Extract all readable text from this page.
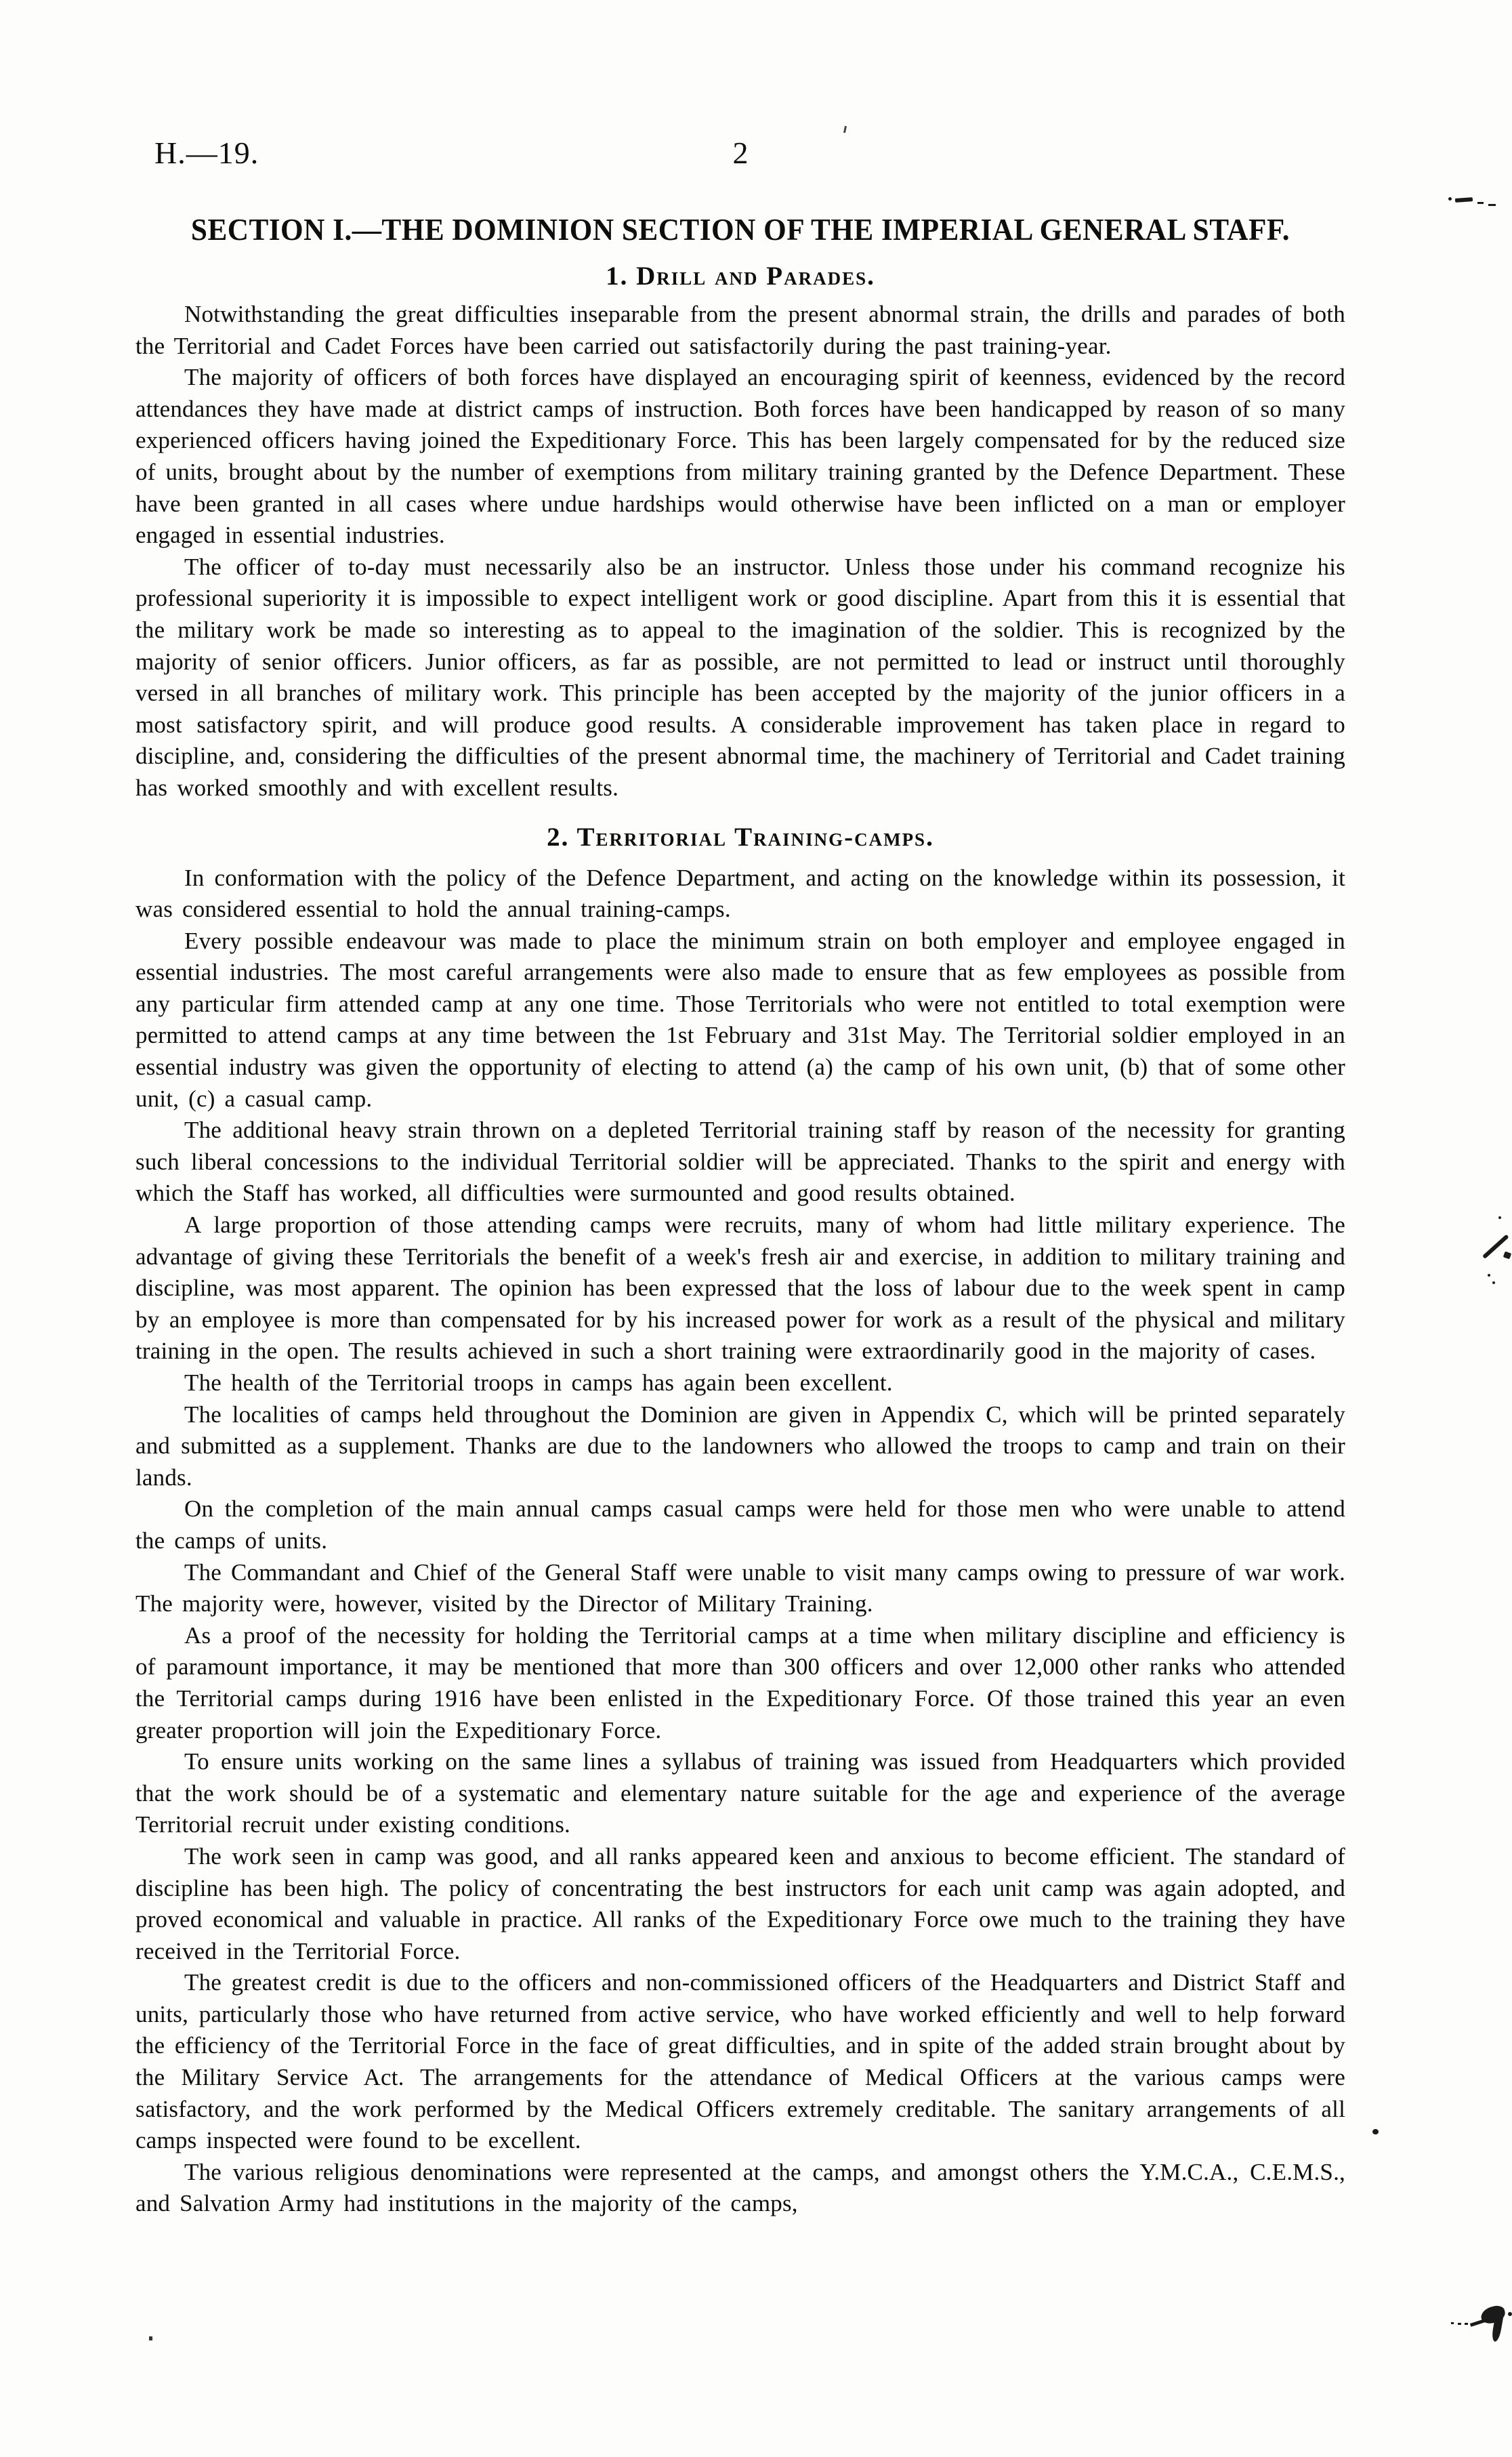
H.—19.	2
SECTION I.—THE DOMINION SECTION OF THE IMPERIAL GENERAL STAFF.
1. Drill and Parades.

Notwithstanding the great difficulties inseparable from the present abnormal strain, the drills and parades of both the Territorial and Cadet Forces have been carried out satisfactorily during the past training-year.

The majority of officers of both forces have displayed an encouraging spirit of keenness, evidenced by the record attendances they have made at district camps of instruction. Both forces have been handicapped by reason of so many experienced officers having joined the Expeditionary Force. This has been largely compensated for by the reduced size of units, brought about by the number of exemptions from military training granted by the Defence Department. These have been granted in all cases where undue hardships would otherwise have been inflicted on a man or employer engaged in essential industries.

The officer of to-day must necessarily also be an instructor. Unless those under his command recognize his professional superiority it is impossible to expect intelligent work or good discipline. Apart from this it is essential that the military work be made so interesting as to appeal to the imagination of the soldier. This is recognized by the majority of senior officers. Junior officers, as far as possible, are not permitted to lead or instruct until thoroughly versed in all branches of military work. This principle has been accepted by the majority of the junior officers in a most satisfactory spirit, and will produce good results. A considerable improvement has taken place in regard to discipline, and, considering the difficulties of the present abnormal time, the machinery of Territorial and Cadet training has worked smoothly and with excellent results.

2. Territorial Training-camps.

In conformation with the policy of the Defence Department, and acting on the knowledge within its possession, it was considered essential to hold the annual training-camps.

Every possible endeavour was made to place the minimum strain on both employer and employee engaged in essential industries. The most careful arrangements were also made to ensure that as few employees as possible from any particular firm attended camp at any one time. Those Territorials who were not entitled to total exemption were permitted to attend camps at any time between the 1st February and 31st May. The Territorial soldier employed in an essential industry was given the opportunity of electing to attend (a) the camp of his own unit, (b) that of some other unit, (c) a casual camp.

The additional heavy strain thrown on a depleted Territorial training staff by reason of the necessity for granting such liberal concessions to the individual Territorial soldier will be appreciated. Thanks to the spirit and energy with which the Staff has worked, all difficulties were surmounted and good results obtained.

A large proportion of those attending camps were recruits, many of whom had little military experience. The advantage of giving these Territorials the benefit of a week's fresh air and exercise, in addition to military training and discipline, was most apparent. The opinion has been expressed that the loss of labour due to the week spent in camp by an employee is more than compensated for by his increased power for work as a result of the physical and military training in the open. The results achieved in such a short training were extraordinarily good in the majority of cases.

The health of the Territorial troops in camps has again been excellent.

The localities of camps held throughout the Dominion are given in Appendix C, which will be printed separately and submitted as a supplement. Thanks are due to the landowners who allowed the troops to camp and train on their lands.

On the completion of the main annual camps casual camps were held for those men who were unable to attend the camps of units.

The Commandant and Chief of the General Staff were unable to visit many camps owing to pressure of war work. The majority were, however, visited by the Director of Military Training.

As a proof of the necessity for holding the Territorial camps at a time when military discipline and efficiency is of paramount importance, it may be mentioned that more than 300 officers and over 12,000 other ranks who attended the Territorial camps during 1916 have been enlisted in the Expeditionary Force. Of those trained this year an even greater proportion will join the Expeditionary Force.

To ensure units working on the same lines a syllabus of training was issued from Headquarters which provided that the work should be of a systematic and elementary nature suitable for the age and experience of the average Territorial recruit under existing conditions.

The work seen in camp was good, and all ranks appeared keen and anxious to become efficient. The standard of discipline has been high. The policy of concentrating the best instructors for each unit camp was again adopted, and proved economical and valuable in practice. All ranks of the Expeditionary Force owe much to the training they have received in the Territorial Force.

The greatest credit is due to the officers and non-commissioned officers of the Headquarters and District Staff and units, particularly those who have returned from active service, who have worked efficiently and well to help forward the efficiency of the Territorial Force in the face of great difficulties, and in spite of the added strain brought about by the Military Service Act. The arrangements for the attendance of Medical Officers at the various camps were satisfactory, and the work performed by the Medical Officers extremely creditable. The sanitary arrangements of all camps inspected were found to be excellent.

The various religious denominations were represented at the camps, and amongst others the Y.M.C.A., C.E.M.S., and Salvation Army had institutions in the majority of the camps,
